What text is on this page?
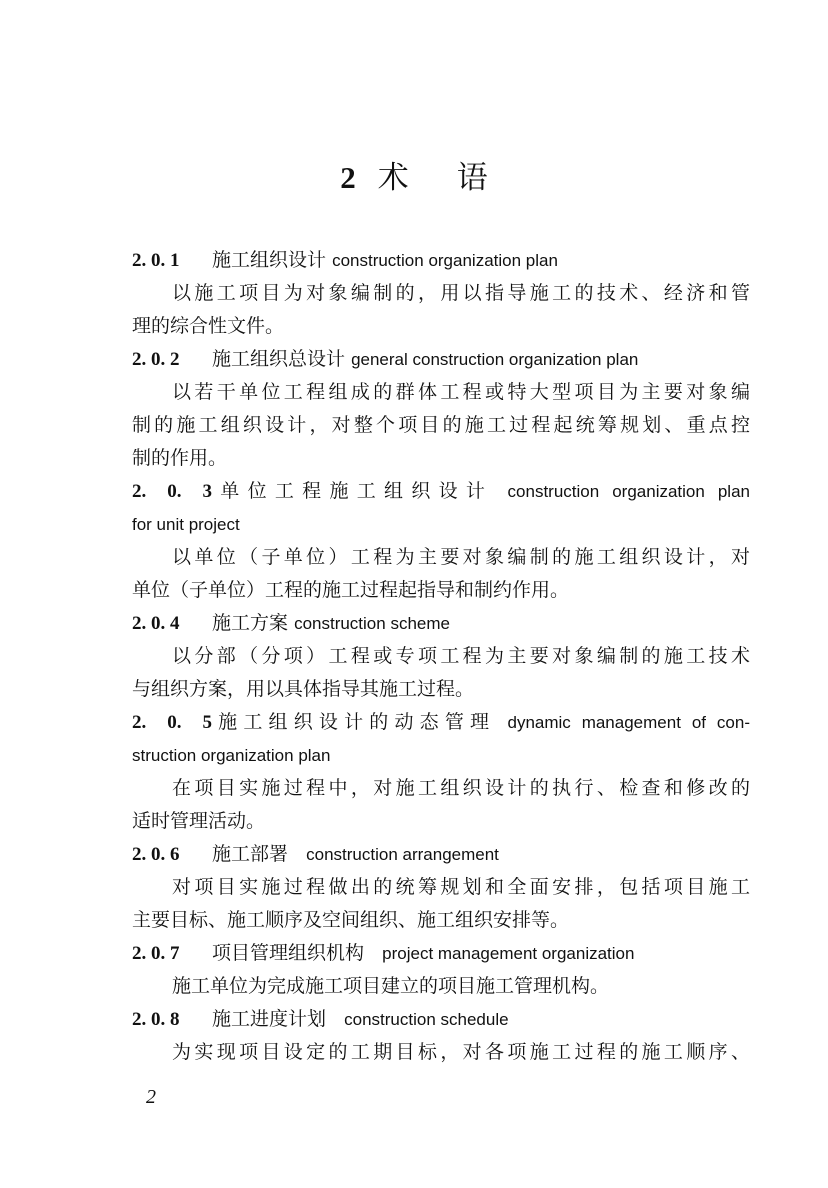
2 术 语
2. 0. 1 施工组织设计 construction organization plan
以施工项目为对象编制的，用以指导施工的技术、经济和管
理的综合性文件。
2. 0. 2 施工组织总设计 general construction organization plan
以若干单位工程组成的群体工程或特大型项目为主要对象编
制的施工组织设计，对整个项目的施工过程起统筹规划、重点控
制的作用。
2. 0. 3单位工程施工组织设计 construction organization plan
for unit project
以单位（子单位）工程为主要对象编制的施工组织设计，对
单位（子单位）工程的施工过程起指导和制约作用。
2. 0. 4 施工方案 construction scheme
以分部（分项）工程或专项工程为主要对象编制的施工技术
与组织方案，用以具体指导其施工过程。
2. 0. 5施工组织设计的动态管理 dynamic management of con-
struction organization plan
在项目实施过程中，对施工组织设计的执行、检查和修改的
适时管理活动。
2. 0. 6 施工部署 construction arrangement
对项目实施过程做出的统筹规划和全面安排，包括项目施工
主要目标、施工顺序及空间组织、施工组织安排等。
2. 0. 7 项目管理组织机构 project management organization
施工单位为完成施工项目建立的项目施工管理机构。
2. 0. 8 施工进度计划 construction schedule
为实现项目设定的工期目标，对各项施工过程的施工顺序、
2
